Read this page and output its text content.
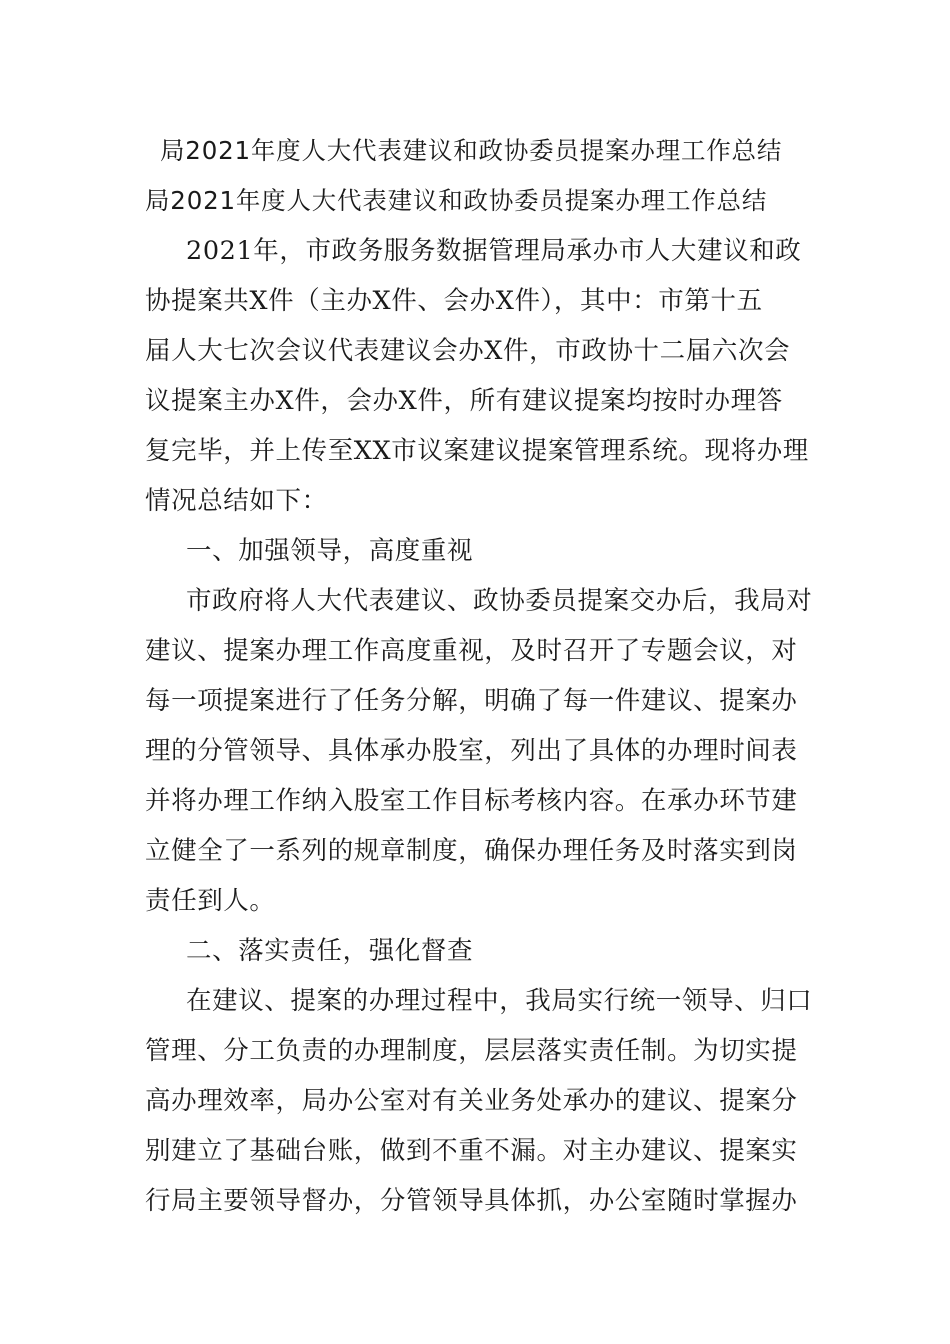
局2021年度人大代表建议和政协委员提案办理工作总结
局2021年度人大代表建议和政协委员提案办理工作总结
2021年，市政务服务数据管理局承办市人大建议和政
协提案共X件（主办X件、会办X件），其中：市第十五
届人大七次会议代表建议会办X件，市政协十二届六次会
议提案主办X件，会办X件，所有建议提案均按时办理答
复完毕，并上传至XX市议案建议提案管理系统。现将办理
情况总结如下：
一、加强领导，高度重视
市政府将人大代表建议、政协委员提案交办后，我局对
建议、提案办理工作高度重视，及时召开了专题会议，对
每一项提案进行了任务分解，明确了每一件建议、提案办
理的分管领导、具体承办股室，列出了具体的办理时间表
并将办理工作纳入股室工作目标考核内容。在承办环节建
立健全了一系列的规章制度，确保办理任务及时落实到岗
责任到人。
二、落实责任，强化督查
在建议、提案的办理过程中，我局实行统一领导、归口
管理、分工负责的办理制度，层层落实责任制。为切实提
高办理效率，局办公室对有关业务处承办的建议、提案分
别建立了基础台账，做到不重不漏。对主办建议、提案实
行局主要领导督办，分管领导具体抓，办公室随时掌握办
